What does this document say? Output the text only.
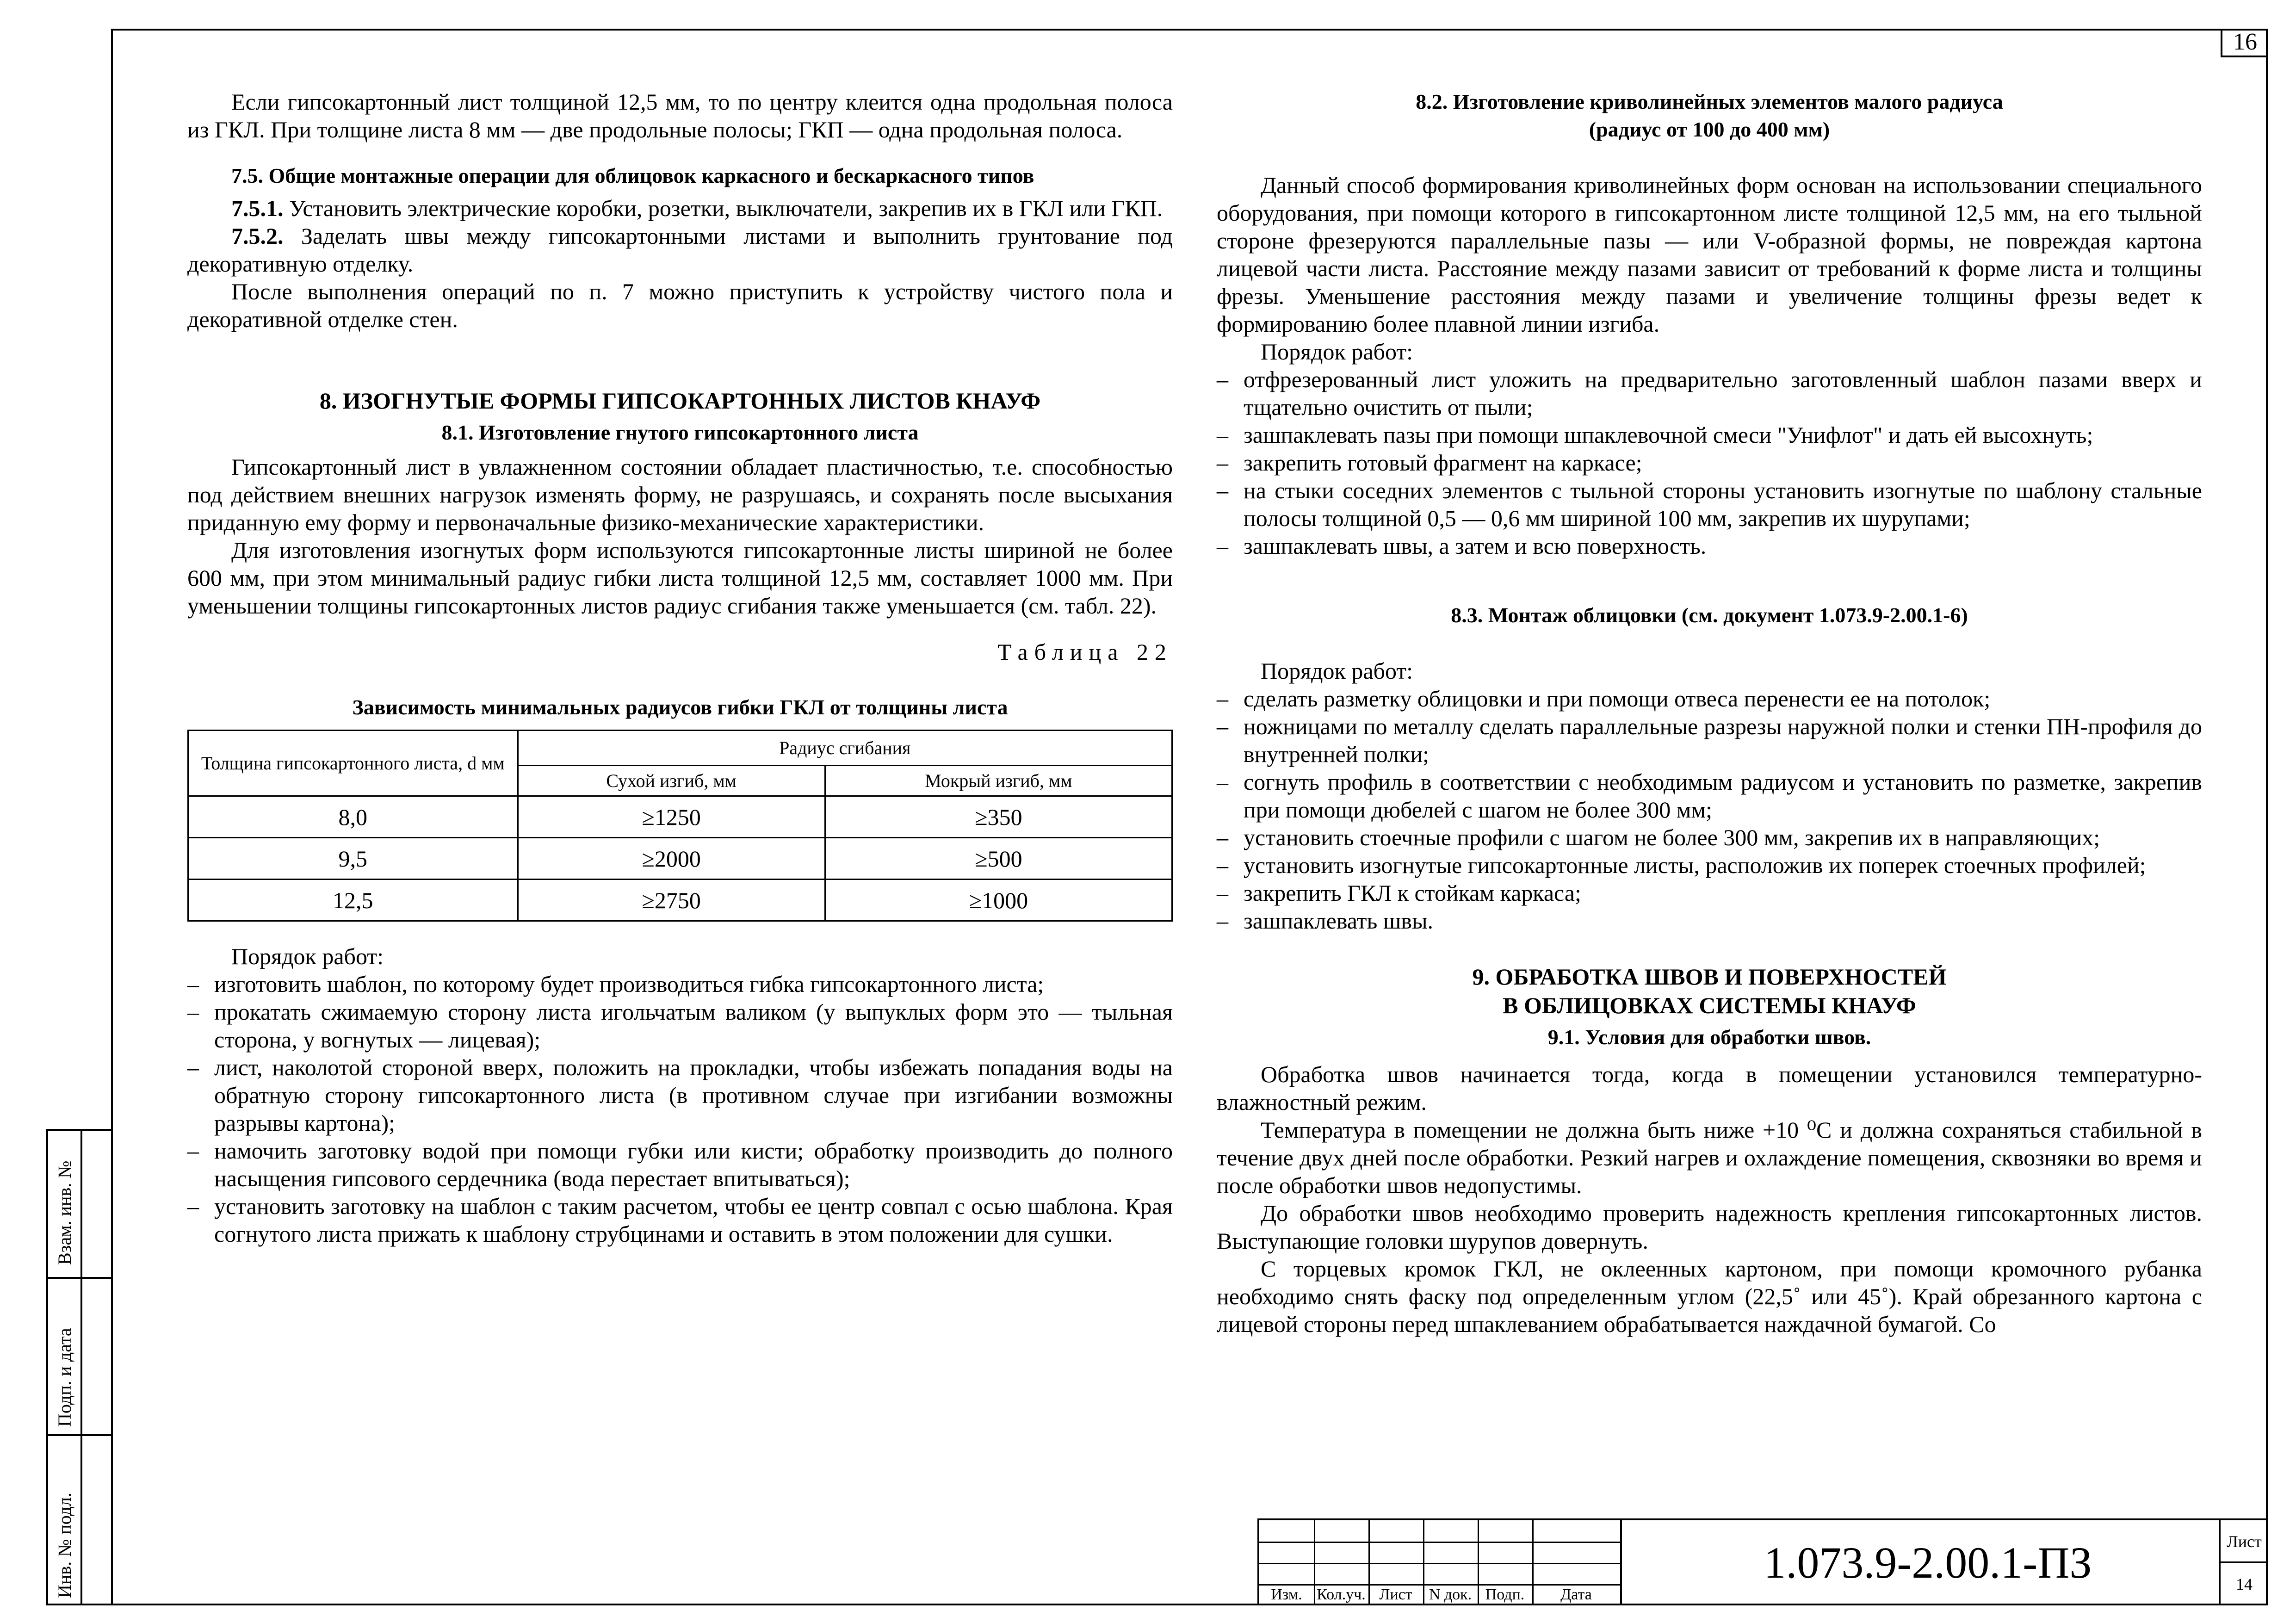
16
Взам. инв. №
Подп. и дата
Инв. № подл.

Если гипсокартонный лист толщиной 12,5 мм, то по центру клеится одна продольная полоса из ГКЛ. При толщине листа 8 мм — две продольные полосы; ГКП — одна продольная полоса.

7.5. Общие монтажные операции для облицовок каркасного и бескаркасного типов

7.5.1. Установить электрические коробки, розетки, выключатели, закрепив их в ГКЛ или ГКП.

7.5.2. Заделать швы между гипсокартонными листами и выполнить грунтование под декоративную отделку.

После выполнения операций по п. 7 можно приступить к устройству чистого пола и декоративной отделке стен.

8. ИЗОГНУТЫЕ ФОРМЫ ГИПСОКАРТОННЫХ ЛИСТОВ КНАУФ
8.1. Изготовление гнутого гипсокартонного листа

Гипсокартонный лист в увлажненном состоянии обладает пластичностью, т.е. способностью под действием внешних нагрузок изменять форму, не разрушаясь, и сохранять после высыхания приданную ему форму и первоначальные физико-механические характеристики.

Для изготовления изогнутых форм используются гипсокартонные листы шириной не более 600 мм, при этом минимальный радиус гибки листа толщиной 12,5 мм, составляет 1000 мм. При уменьшении толщины гипсокартонных листов радиус сгибания также уменьшается (см. табл. 22).

Таблица 22
Зависимость минимальных радиусов гибки ГКЛ от толщины листа
Толщина гипсокартонного листа, d мм	Радиус сгибания	
	Сухой изгиб, мм	Мокрый изгиб, мм
8,0	≥1250	≥350
9,5	≥2000	≥500
12,5	≥2750	≥1000

Порядок работ:

– изготовить шаблон, по которому будет производиться гибка гипсокартонного листа;
– прокатать сжимаемую сторону листа игольчатым валиком (у выпуклых форм это — тыльная сторона, у вогнутых — лицевая);
– лист, наколотой стороной вверх, положить на прокладки, чтобы избежать попадания воды на обратную сторону гипсокартонного листа (в противном случае при изгибании возможны разрывы картона);
– намочить заготовку водой при помощи губки или кисти; обработку производить до полного насыщения гипсового сердечника (вода перестает впитываться);
– установить заготовку на шаблон с таким расчетом, чтобы ее центр совпал с осью шаблона. Края согнутого листа прижать к шаблону струбцинами и оставить в этом положении для сушки.
8.2. Изготовление криволинейных элементов малого радиуса
(радиус от 100 до 400 мм)

Данный способ формирования криволинейных форм основан на использовании специального оборудования, при помощи которого в гипсокартонном листе толщиной 12,5 мм, на его тыльной стороне фрезеруются параллельные пазы — или V-образной формы, не повреждая картона лицевой части листа. Расстояние между пазами зависит от требований к форме листа и толщины фрезы. Уменьшение расстояния между пазами и увеличение толщины фрезы ведет к формированию более плавной линии изгиба.

Порядок работ:

– отфрезерованный лист уложить на предварительно заготовленный шаблон пазами вверх и тщательно очистить от пыли;
– зашпаклевать пазы при помощи шпаклевочной смеси "Унифлот" и дать ей высохнуть;
– закрепить готовый фрагмент на каркасе;
– на стыки соседних элементов с тыльной стороны установить изогнутые по шаблону стальные полосы толщиной 0,5 — 0,6 мм шириной 100 мм, закрепив их шурупами;
– зашпаклевать швы, а затем и всю поверхность.
8.3. Монтаж облицовки (см. документ 1.073.9-2.00.1-6)

Порядок работ:

– сделать разметку облицовки и при помощи отвеса перенести ее на потолок;
– ножницами по металлу сделать параллельные разрезы наружной полки и стенки ПН-профиля до внутренней полки;
– согнуть профиль в соответствии с необходимым радиусом и установить по разметке, закрепив при помощи дюбелей с шагом не более 300 мм;
– установить стоечные профили с шагом не более 300 мм, закрепив их в направляющих;
– установить изогнутые гипсокартонные листы, расположив их поперек стоечных профилей;
– закрепить ГКЛ к стойкам каркаса;
– зашпаклевать швы.
9. ОБРАБОТКА ШВОВ И ПОВЕРХНОСТЕЙ
В ОБЛИЦОВКАХ СИСТЕМЫ КНАУФ
9.1. Условия для обработки швов.

Обработка швов начинается тогда, когда в помещении установился температурно-влажностный режим.

Температура в помещении не должна быть ниже +10 ⁰С и должна сохраняться стабильной в течение двух дней после обработки. Резкий нагрев и охлаждение помещения, сквозняки во время и после обработки швов недопустимы.

До обработки швов необходимо проверить надежность крепления гипсокартонных листов. Выступающие головки шурупов довернуть.

С торцевых кромок ГКЛ, не оклеенных картоном, при помощи кромочного рубанка необходимо снять фаску под определенным углом (22,5˚ или 45˚). Край обрезанного картона с лицевой стороны перед шпаклеванием обрабатывается наждачной бумагой. Со

Изм. Кол.уч. Лист	N док. Подп.	Дата
1.073.9-2.00.1-ПЗ	Лист
14
